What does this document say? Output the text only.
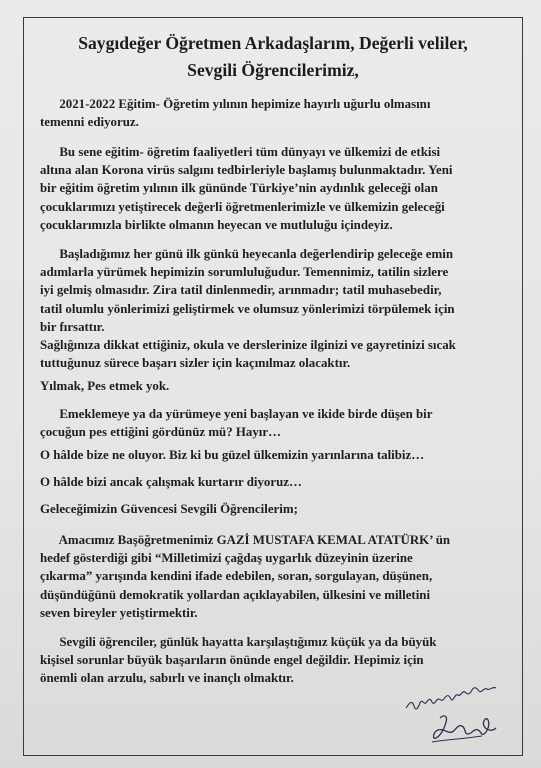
Saygıdeğer Öğretmen Arkadaşlarım, Değerli veliler,
Sevgili Öğrencilerimiz,
2021-2022 Eğitim- Öğretim yılının hepimize hayırlı uğurlu olmasını
temenni ediyoruz.
Bu sene eğitim- öğretim faaliyetleri tüm dünyayı ve ülkemizi de etkisi
altına alan Korona virüs salgını tedbirleriyle başlamış bulunmaktadır. Yeni
bir eğitim öğretim yılının ilk gününde Türkiye’nin aydınlık geleceği olan
çocuklarımızı yetiştirecek değerli öğretmenlerimizle ve ülkemizin geleceği
çocuklarımızla birlikte olmanın heyecan ve mutluluğu içindeyiz.
Başladığımız her günü ilk günkü heyecanla değerlendirip geleceğe emin
adımlarla yürümek hepimizin sorumluluğudur. Temennimiz, tatilin sizlere
iyi gelmiş olmasıdır. Zira tatil dinlenmedir, arınmadır; tatil muhasebedir,
tatil olumlu yönlerimizi geliştirmek ve olumsuz yönlerimizi törpülemek için
bir fırsattır.
Sağlığınıza dikkat ettiğiniz, okula ve derslerinize ilginizi ve gayretinizi sıcak
tuttuğunuz sürece başarı sizler için kaçınılmaz olacaktır.
Yılmak, Pes etmek yok.
Emeklemeye ya da yürümeye yeni başlayan ve ikide birde düşen bir
çocuğun pes ettiğini gördünüz mü? Hayır…
O hâlde bize ne oluyor. Biz ki bu güzel ülkemizin yarınlarına talibiz…
O hâlde bizi ancak çalışmak kurtarır diyoruz…
Geleceğimizin Güvencesi Sevgili Öğrencilerim;
Amacımız Başöğretmenimiz GAZİ MUSTAFA KEMAL ATATÜRK’ ün
hedef gösterdiği gibi “Milletimizi çağdaş uygarlık düzeyinin üzerine
çıkarma” yarışında kendini ifade edebilen, soran, sorgulayan, düşünen,
düşündüğünü demokratik yollardan açıklayabilen, ülkesini ve milletini
seven bireyler yetiştirmektir.
Sevgili öğrenciler, günlük hayatta karşılaştığımız küçük ya da büyük
kişisel sorunlar büyük başarıların önünde engel değildir. Hepimiz için
önemli olan arzulu, sabırlı ve inançlı olmaktır.
